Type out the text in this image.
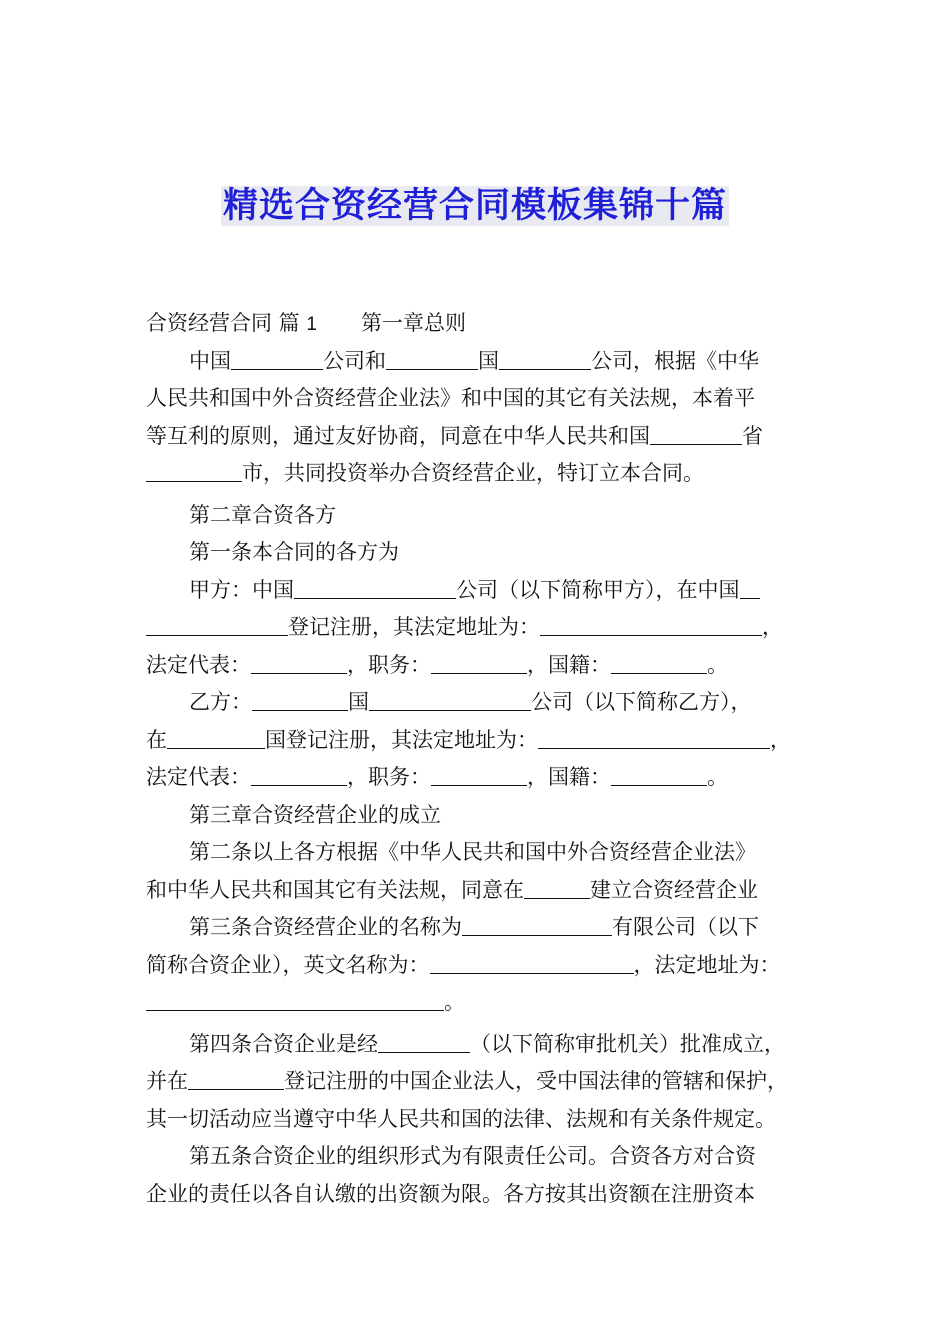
精选合资经营合同模板集锦十篇
合资经营合同 篇 1 第一章总则
中国	公司和	国	公司，根据《中华
人民共和国中外合资经营企业法》和中国的其它有关法规，本着平
等互利的原则，通过友好协商，同意在中华人民共和国	省
市，共同投资举办合资经营企业，特订立本合同。
第二章合资各方
第一条本合同的各方为
甲方：中国	公司（以下简称甲方），在中国
登记注册，其法定地址为：	，
法定代表：	，职务：	，国籍：	。
乙方：	国	公司（以下简称乙方），
在	国登记注册，其法定地址为：	，
法定代表：	，职务：	，国籍：	。
第三章合资经营企业的成立
第二条以上各方根据《中华人民共和国中外合资经营企业法》
和中华人民共和国其它有关法规，同意在	建立合资经营企业
第三条合资经营企业的名称为	有限公司（以下
简称合资企业），英文名称为：	，法定地址为：
。
第四条合资企业是经	（以下简称审批机关）批准成立，
并在	登记注册的中国企业法人，受中国法律的管辖和保护，
其一切活动应当遵守中华人民共和国的法律、法规和有关条件规定。
第五条合资企业的组织形式为有限责任公司。合资各方对合资
企业的责任以各自认缴的出资额为限。各方按其出资额在注册资本
